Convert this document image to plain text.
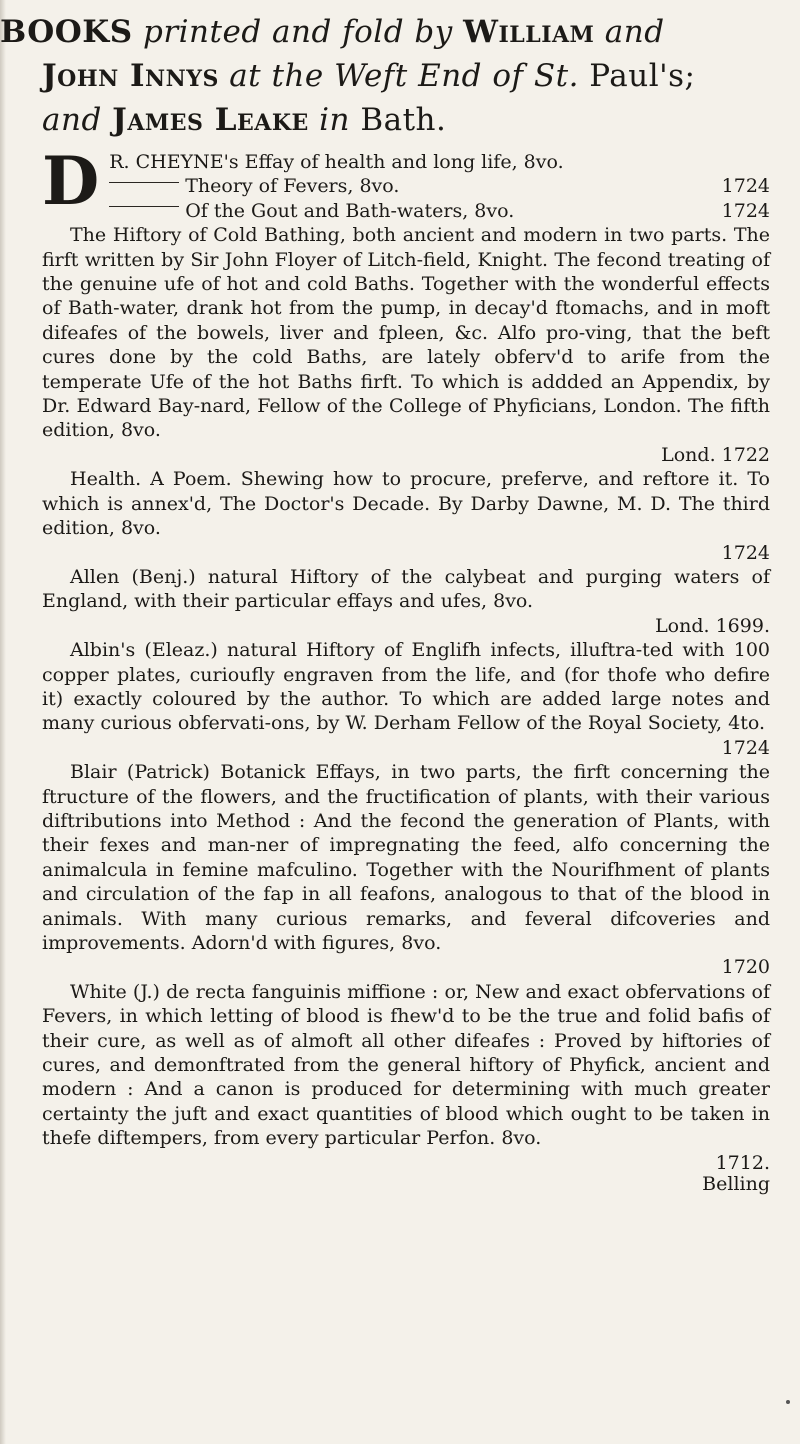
BOOKS printed and fold by William and

John Innys at the Weft End of St. Paul's;

and James Leake in Bath.

D R. CHEYNE's Effay of health and long life, 8vo.

Theory of Fevers, 8vo.	1724

Of the Gout and Bath-waters, 8vo.	1724

The Hiftory of Cold Bathing, both ancient and modern in two parts. The firft written by Sir John Floyer of Litch-field, Knight. The fecond treating of the genuine ufe of hot and cold Baths. Together with the wonderful effects of Bath-water, drank hot from the pump, in decay'd ftomachs, and in moft difeafes of the bowels, liver and fpleen, &c. Alfo pro-ving, that the beft cures done by the cold Baths, are lately obferv'd to arife from the temperate Ufe of the hot Baths firft. To which is addded an Appendix, by Dr. Edward Bay-nard, Fellow of the College of Phyficians, London. The fifth edition, 8vo.
Lond. 1722

Health. A Poem. Shewing how to procure, preferve, and reftore it. To which is annex'd, The Doctor's Decade. By Darby Dawne, M. D. The third edition, 8vo.
1724

Allen (Benj.) natural Hiftory of the calybeat and purging waters of England, with their particular effays and ufes, 8vo.
Lond. 1699.

Albin's (Eleaz.) natural Hiftory of Englifh infects, illuftra-ted with 100 copper plates, curioufly engraven from the life, and (for thofe who defire it) exactly coloured by the author. To which are added large notes and many curious obfervati-ons, by W. Derham Fellow of the Royal Society, 4to.
1724

Blair (Patrick) Botanick Effays, in two parts, the firft concerning the ftructure of the flowers, and the fructification of plants, with their various diftributions into Method : And the fecond the generation of Plants, with their fexes and man-ner of impregnating the feed, alfo concerning the animalcula in femine mafculino. Together with the Nourifhment of plants and circulation of the fap in all feafons, analogous to that of the blood in animals. With many curious remarks, and feveral difcoveries and improvements. Adorn'd with figures, 8vo.
1720

White (J.) de recta fanguinis miffione : or, New and exact obfervations of Fevers, in which letting of blood is fhew'd to be the true and folid bafis of their cure, as well as of almoft all other difeafes : Proved by hiftories of cures, and demonftrated from the general hiftory of Phyfick, ancient and modern : And a canon is produced for determining with much greater certainty the juft and exact quantities of blood which ought to be taken in thefe diftempers, from every particular Perfon. 8vo.
1712.

Belling
